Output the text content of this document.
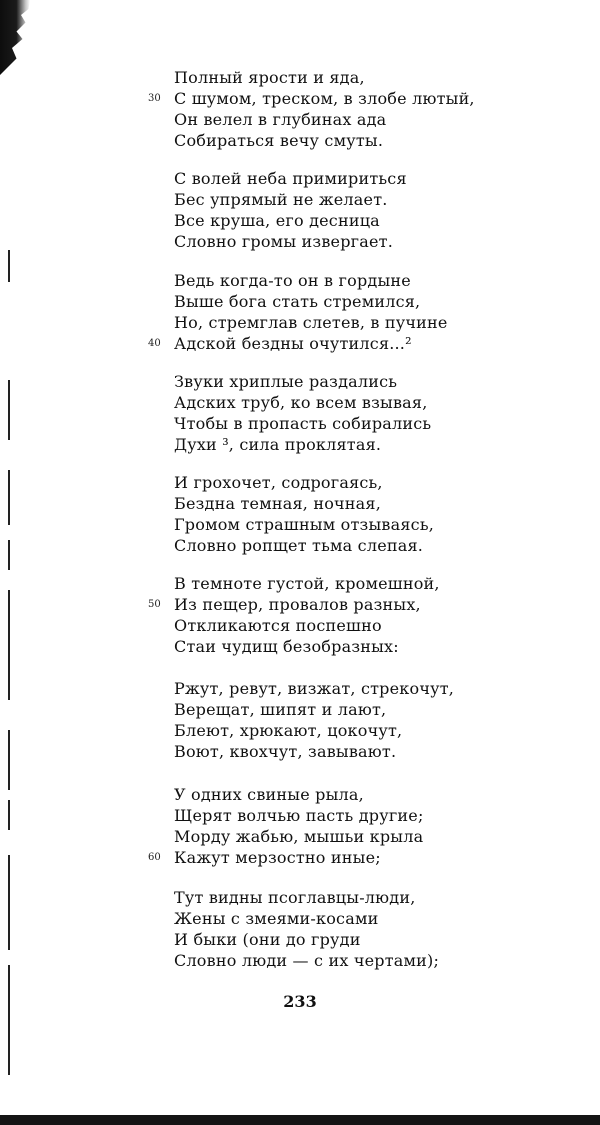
Полный ярости и яда,
С шумом, треском, в злобе лютый,
Он велел в глубинах ада
Собираться вечу смуты.
30
С волей неба примириться
Бес упрямый не желает.
Все круша, его десница
Словно громы извергает.
Ведь когда-то он в гордыне
Выше бога стать стремился,
Но, стремглав слетев, в пучине
Адской бездны очутился...²
40
Звуки хриплые раздались
Адских труб, ко всем взывая,
Чтобы в пропасть собирались
Духи ³, сила проклятая.
И грохочет, содрогаясь,
Бездна темная, ночная,
Громом страшным отзываясь,
Словно ропщет тьма слепая.
В темноте густой, кромешной,
Из пещер, провалов разных,
Откликаются поспешно
Стаи чудищ безобразных:
50
Ржут, ревут, визжат, стрекочут,
Верещат, шипят и лают,
Блеют, хрюкают, цокочут,
Воют, квохчут, завывают.
У одних свиные рыла,
Щерят волчью пасть другие;
Морду жабью, мышьи крыла
Кажут мерзостно иные;
60
Тут видны псоглавцы-люди,
Жены с змеями-косами
И быки (они до груди
Словно люди — с их чертами);
233
